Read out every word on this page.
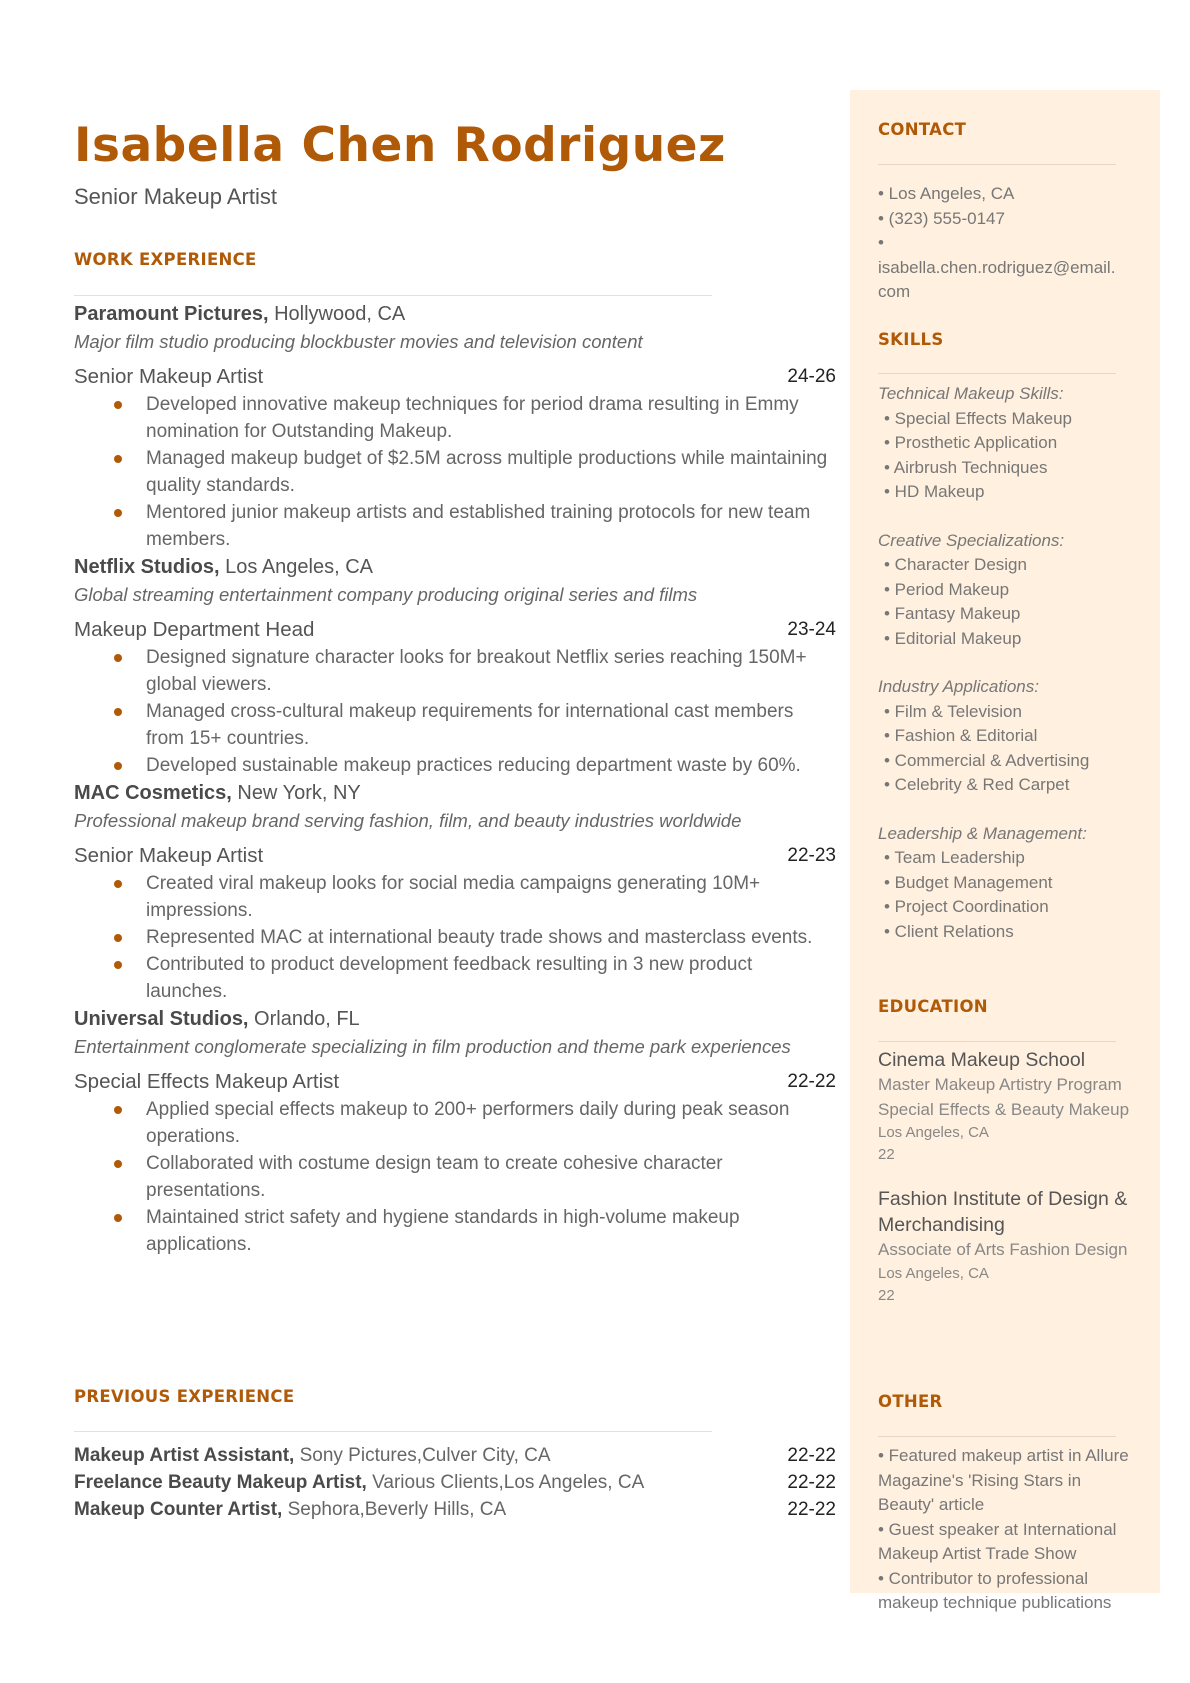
Isabella Chen Rodriguez
Senior Makeup Artist
WORK EXPERIENCE
Paramount Pictures, Hollywood, CA
Major film studio producing blockbuster movies and television content
Senior Makeup Artist	24-26
Developed innovative makeup techniques for period drama resulting in Emmy nomination for Outstanding Makeup.
Managed makeup budget of $2.5M across multiple productions while maintaining quality standards.
Mentored junior makeup artists and established training protocols for new team members.
Netflix Studios, Los Angeles, CA
Global streaming entertainment company producing original series and films
Makeup Department Head	23-24
Designed signature character looks for breakout Netflix series reaching 150M+ global viewers.
Managed cross-cultural makeup requirements for international cast members from 15+ countries.
Developed sustainable makeup practices reducing department waste by 60%.
MAC Cosmetics, New York, NY
Professional makeup brand serving fashion, film, and beauty industries worldwide
Senior Makeup Artist	22-23
Created viral makeup looks for social media campaigns generating 10M+ impressions.
Represented MAC at international beauty trade shows and masterclass events.
Contributed to product development feedback resulting in 3 new product launches.
Universal Studios, Orlando, FL
Entertainment conglomerate specializing in film production and theme park experiences
Special Effects Makeup Artist	22-22
Applied special effects makeup to 200+ performers daily during peak season operations.
Collaborated with costume design team to create cohesive character presentations.
Maintained strict safety and hygiene standards in high-volume makeup applications.
PREVIOUS EXPERIENCE
Makeup Artist Assistant, Sony Pictures,Culver City, CA	22-22
Freelance Beauty Makeup Artist, Various Clients,Los Angeles, CA	22-22
Makeup Counter Artist, Sephora,Beverly Hills, CA	22-22
CONTACT
• Los Angeles, CA
• (323) 555-0147
•
isabella.chen.rodriguez@email.
com
SKILLS
Technical Makeup Skills:
• Special Effects Makeup
• Prosthetic Application
• Airbrush Techniques
• HD Makeup
Creative Specializations:
• Character Design
• Period Makeup
• Fantasy Makeup
• Editorial Makeup
Industry Applications:
• Film & Television
• Fashion & Editorial
• Commercial & Advertising
• Celebrity & Red Carpet
Leadership & Management:
• Team Leadership
• Budget Management
• Project Coordination
• Client Relations
EDUCATION
Cinema Makeup School
Master Makeup Artistry Program Special Effects & Beauty Makeup
Los Angeles, CA
22
Fashion Institute of Design & Merchandising
Associate of Arts Fashion Design
Los Angeles, CA
22
OTHER
• Featured makeup artist in Allure Magazine's 'Rising Stars in Beauty' article
• Guest speaker at International Makeup Artist Trade Show
• Contributor to professional makeup technique publications
